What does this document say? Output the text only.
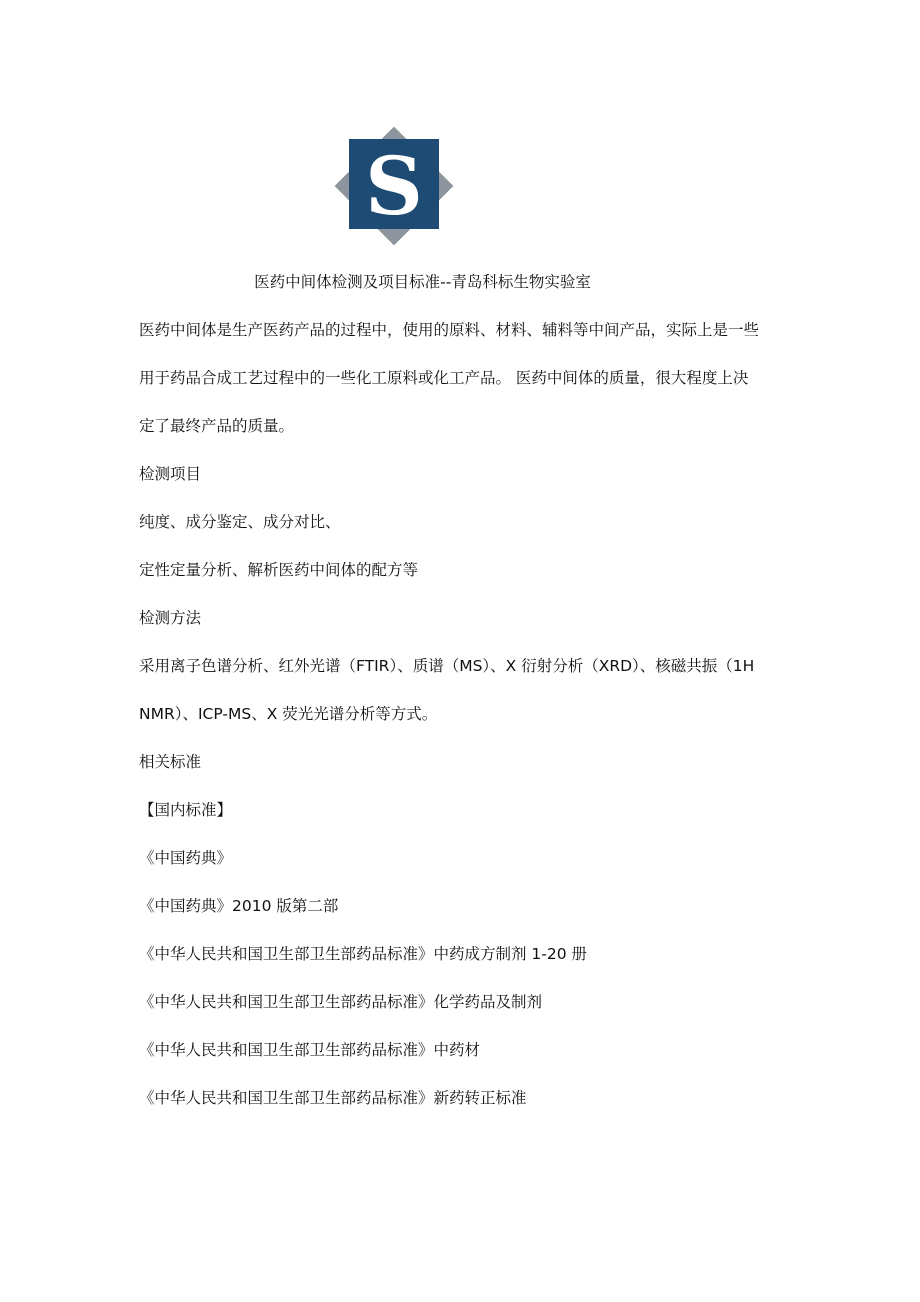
S
医药中间体检测及项目标准--青岛科标生物实验室
医药中间体是生产医药产品的过程中，使用的原料、材料、辅料等中间产品，实际上是一些
用于药品合成工艺过程中的一些化工原料或化工产品。 医药中间体的质量，很大程度上决
定了最终产品的质量。
检测项目
纯度、成分鉴定、成分对比、
定性定量分析、解析医药中间体的配方等
检测方法
采用离子色谱分析、红外光谱（FTIR）、质谱（MS）、X 衍射分析（XRD）、核磁共振（1H
NMR）、ICP-MS、X 荧光光谱分析等方式。
相关标准
【国内标准】
《中国药典》
《中国药典》2010 版第二部
《中华人民共和国卫生部卫生部药品标准》中药成方制剂 1-20 册
《中华人民共和国卫生部卫生部药品标准》化学药品及制剂
《中华人民共和国卫生部卫生部药品标准》中药材
《中华人民共和国卫生部卫生部药品标准》新药转正标准
